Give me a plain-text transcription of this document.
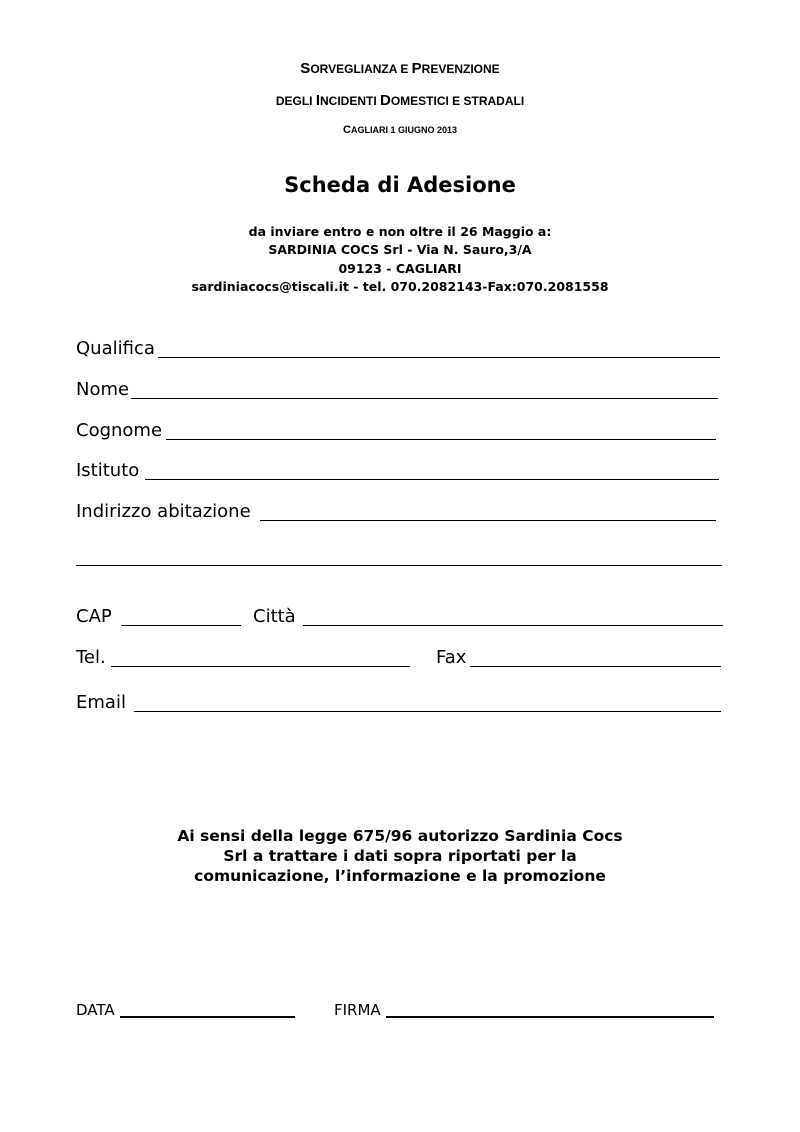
SORVEGLIANZA E PREVENZIONE
DEGLI INCIDENTI DOMESTICI E STRADALI
CAGLIARI 1 GIUGNO 2013
Scheda di Adesione
da inviare entro e non oltre il 26 Maggio a:
SARDINIA COCS Srl - Via N. Sauro,3/A
09123 - CAGLIARI
sardiniacocs@tiscali.it - tel. 070.2082143-Fax:070.2081558
Qualifica
Nome
Cognome
Istituto
Indirizzo abitazione
CAP	Città
Tel.	Fax
Email
Ai sensi della legge 675/96 autorizzo Sardinia Cocs
Srl a trattare i dati sopra riportati per la
comunicazione, l’informazione e la promozione
DATA	FIRMA
